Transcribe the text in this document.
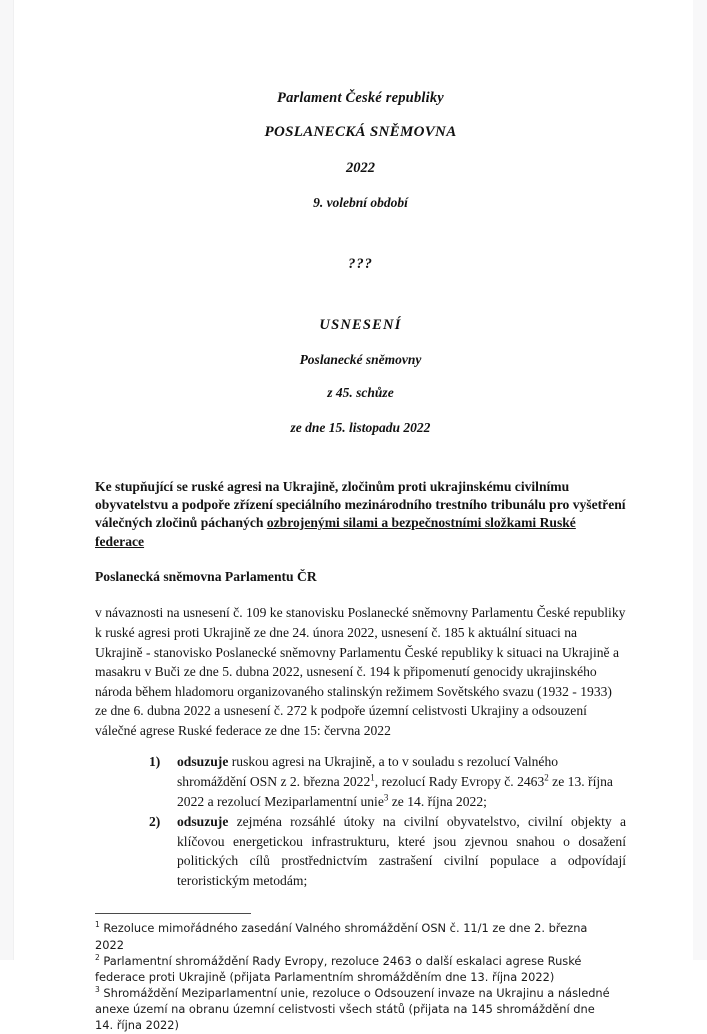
Parlament České republiky
POSLANECKÁ SNĚMOVNA
2022
9. volební období
???
USNESENÍ
Poslanecké sněmovny
z 45. schůze
ze dne 15. listopadu 2022
Ke stupňující se ruské agresi na Ukrajině, zločinům proti ukrajinskému civilnímu obyvatelstvu a podpoře zřízení speciálního mezinárodního trestního tribunálu pro vyšetření válečných zločinů páchaných ozbrojenými silami a bezpečnostními složkami Ruské federace
Poslanecká sněmovna Parlamentu ČR
v návaznosti na usnesení č. 109 ke stanovisku Poslanecké sněmovny Parlamentu České republiky k ruské agresi proti Ukrajině ze dne 24. února 2022, usnesení č. 185 k aktuální situaci na Ukrajině - stanovisko Poslanecké sněmovny Parlamentu České republiky k situaci na Ukrajině a masakru v Buči ze dne 5. dubna 2022, usnesení č. 194 k připomenutí genocidy ukrajinského národa během hladomoru organizovaného stalinskýn režimem Sovětského svazu (1932 - 1933) ze dne 6. dubna 2022 a usnesení č. 272 k podpoře územní celistvosti Ukrajiny a odsouzení válečné agrese Ruské federace ze dne 15: června 2022
1) odsuzuje ruskou agresi na Ukrajině, a to v souladu s rezolucí Valného shromáždění OSN z 2. března 2022$^1$, rezolucí Rady Evropy č. 2463$^2$ ze 13. října 2022 a rezolucí Meziparlamentní unie$^3$ ze 14. října 2022;
2) odsuzuje zejména rozsáhlé útoky na civilní obyvatelstvo, civilní objekty a klíčovou energetickou infrastrukturu, které jsou zjevnou snahou o dosažení politických cílů prostřednictvím zastrašení civilní populace a odpovídají teroristickým metodám;
$^1$ Rezoluce mimořádného zasedání Valného shromáždění OSN č. 11/1 ze dne 2. března 2022
$^2$ Parlamentní shromáždění Rady Evropy, rezoluce 2463 o další eskalaci agrese Ruské federace proti Ukrajině (přijata Parlamentním shromážděním dne 13. října 2022)
$^3$ Shromáždění Meziparlamentní unie, rezoluce o Odsouzení invaze na Ukrajinu a následné anexe území na obranu územní celistvosti všech států (přijata na 145 shromáždění dne 14. října 2022)
